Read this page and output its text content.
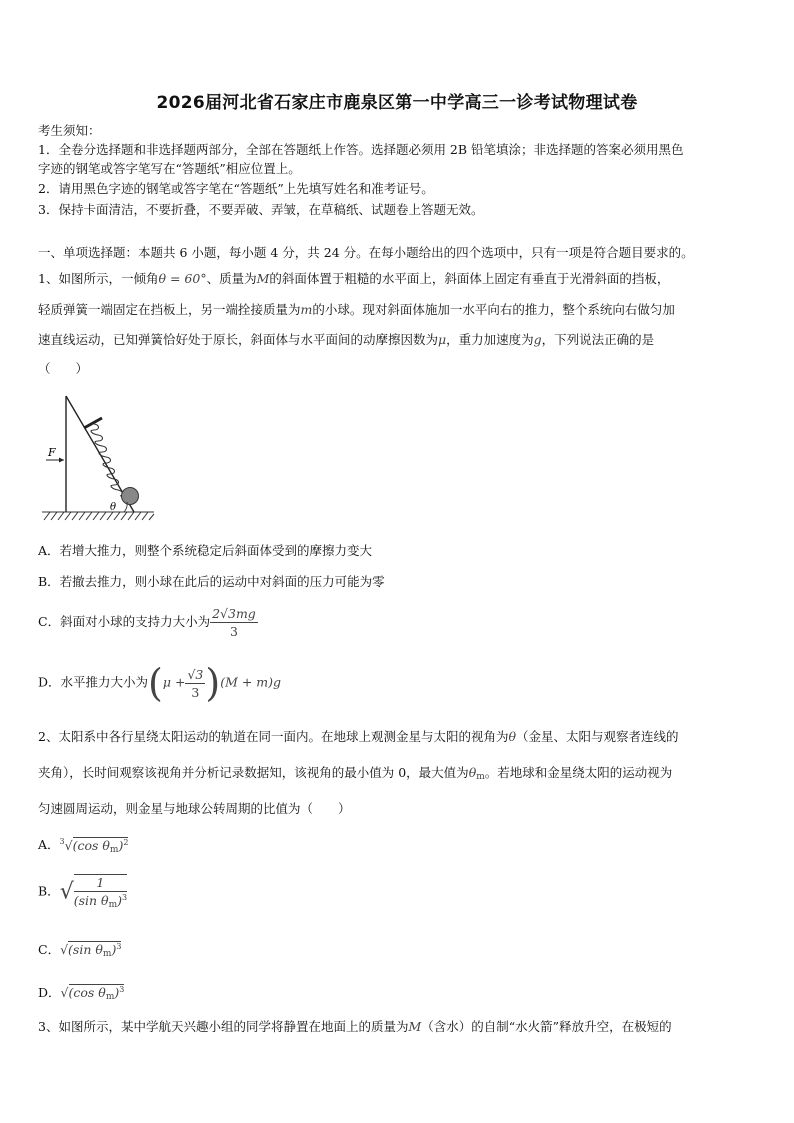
2026届河北省石家庄市鹿泉区第一中学高三一诊考试物理试卷
考生须知：
1．全卷分选择题和非选择题两部分，全部在答题纸上作答。选择题必须用 2B 铅笔填涂；非选择题的答案必须用黑色
字迹的钢笔或答字笔写在“答题纸”相应位置上。
2．请用黑色字迹的钢笔或答字笔在“答题纸”上先填写姓名和准考证号。
3．保持卡面清洁，不要折叠，不要弄破、弄皱，在草稿纸、试题卷上答题无效。
一、单项选择题：本题共 6 小题，每小题 4 分，共 24 分。在每小题给出的四个选项中，只有一项是符合题目要求的。
1、如图所示，一倾角θ = 60°、质量为M的斜面体置于粗糙的水平面上，斜面体上固定有垂直于光滑斜面的挡板，
轻质弹簧一端固定在挡板上，另一端拴接质量为m的小球。现对斜面体施加一水平向右的推力，整个系统向右做匀加
速直线运动，已知弹簧恰好处于原长，斜面体与水平面间的动摩擦因数为μ，重力加速度为g，下列说法正确的是
（　　）
F
θ
A．若增大推力，则整个系统稳定后斜面体受到的摩擦力变大
B．若撤去推力，则小球在此后的运动中对斜面的压力可能为零
C．斜面对小球的支持力大小为 $\frac{2√3mg}{3}$
D．水平推力大小为$(\mu + \frac{√3}{3} )(M + m)g$
2、太阳系中各行星绕太阳运动的轨道在同一面内。在地球上观测金星与太阳的视角为θ（金星、太阳与观察者连线的
夹角），长时间观察该视角并分析记录数据知，该视角的最小值为 0，最大值为θm。若地球和金星绕太阳的运动视为
匀速圆周运动，则金星与地球公转周期的比值为（　　）
A．$^3$√(cos θm)$^2$
B．√ $\frac{1}{(\sin \theta m)^3}$
C．√(sin θm)$^3$
D．√(cos θm)$^3$
3、如图所示，某中学航天兴趣小组的同学将静置在地面上的质量为M（含水）的自制“水火箭”释放升空，在极短的
